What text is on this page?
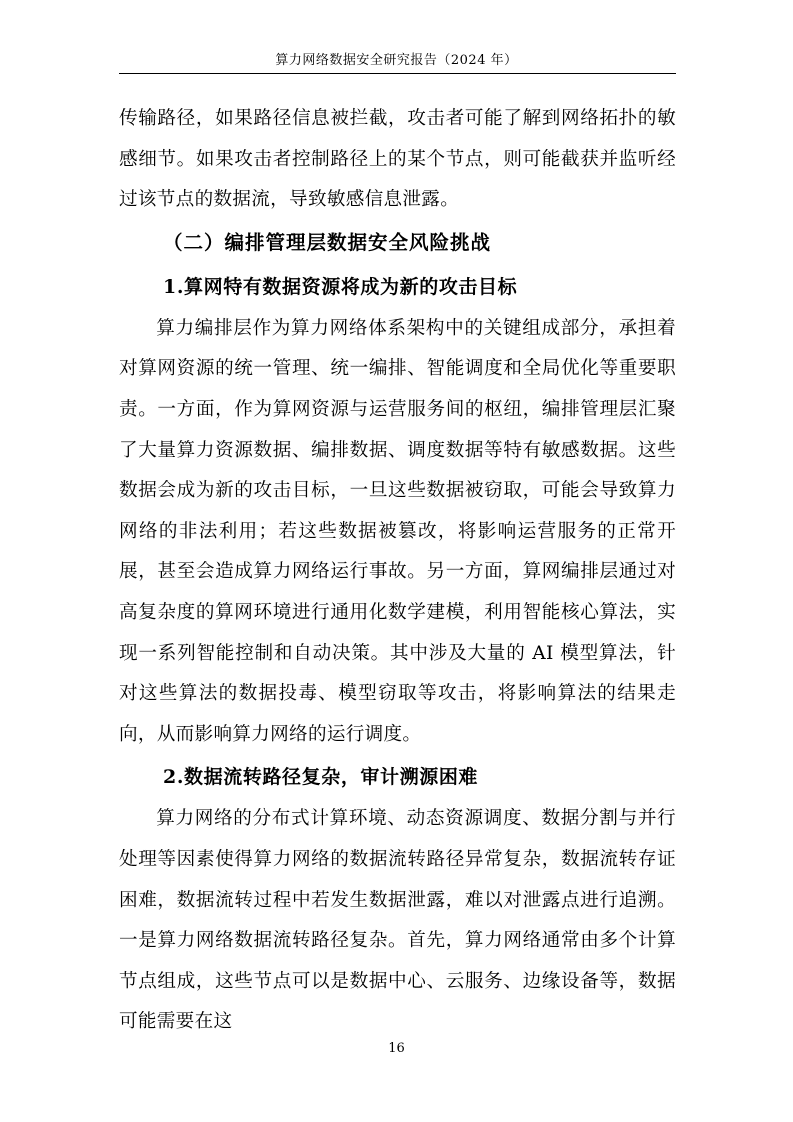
算力网络数据安全研究报告（2024 年）

传输路径，如果路径信息被拦截，攻击者可能了解到网络拓扑的敏感细节。如果攻击者控制路径上的某个节点，则可能截获并监听经过该节点的数据流，导致敏感信息泄露。

（二）编排管理层数据安全风险挑战
1.算网特有数据资源将成为新的攻击目标

算力编排层作为算力网络体系架构中的关键组成部分，承担着对算网资源的统一管理、统一编排、智能调度和全局优化等重要职责。一方面，作为算网资源与运营服务间的枢纽，编排管理层汇聚了大量算力资源数据、编排数据、调度数据等特有敏感数据。这些数据会成为新的攻击目标，一旦这些数据被窃取，可能会导致算力网络的非法利用；若这些数据被篡改，将影响运营服务的正常开展，甚至会造成算力网络运行事故。另一方面，算网编排层通过对高复杂度的算网环境进行通用化数学建模，利用智能核心算法，实现一系列智能控制和自动决策。其中涉及大量的 AI 模型算法，针对这些算法的数据投毒、模型窃取等攻击，将影响算法的结果走向，从而影响算力网络的运行调度。

2.数据流转路径复杂，审计溯源困难

算力网络的分布式计算环境、动态资源调度、数据分割与并行处理等因素使得算力网络的数据流转路径异常复杂，数据流转存证困难，数据流转过程中若发生数据泄露，难以对泄露点进行追溯。一是算力网络数据流转路径复杂。首先，算力网络通常由多个计算节点组成，这些节点可以是数据中心、云服务、边缘设备等，数据可能需要在这

16
